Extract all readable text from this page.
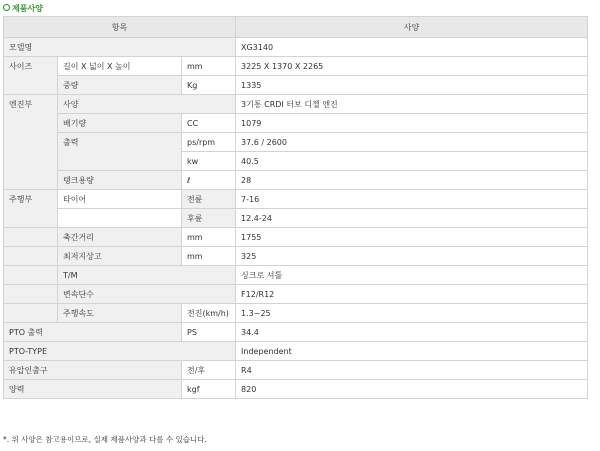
제품사양
항목			사양
모델명			XG3140
사이즈	길이 X 넓이 X 높이	mm	3225 X 1370 X 2265
	중량	Kg	1335
엔진부	사양		3기통 CRDI 터보 디젤 엔진
	배기량	CC	1079
	출력	ps/rpm	37.6 / 2600
		kw	40.5
	탱크용량	ℓ	28
주행부	타이어	전륜	7-16
		후륜	12.4-24
	축간거리	mm	1755
	최저지상고	mm	325
	T/M		싱크로 셔틀
	변속단수		F12/R12
	주행속도	전진(km/h)	1.3~25
PTO 출력		PS	34.4
PTO-TYPE			Independent
유압인출구		전/후	R4
양력		kgf	820
*. 위 사양은 참고용이므로, 실제 제품사양과 다를 수 있습니다.
